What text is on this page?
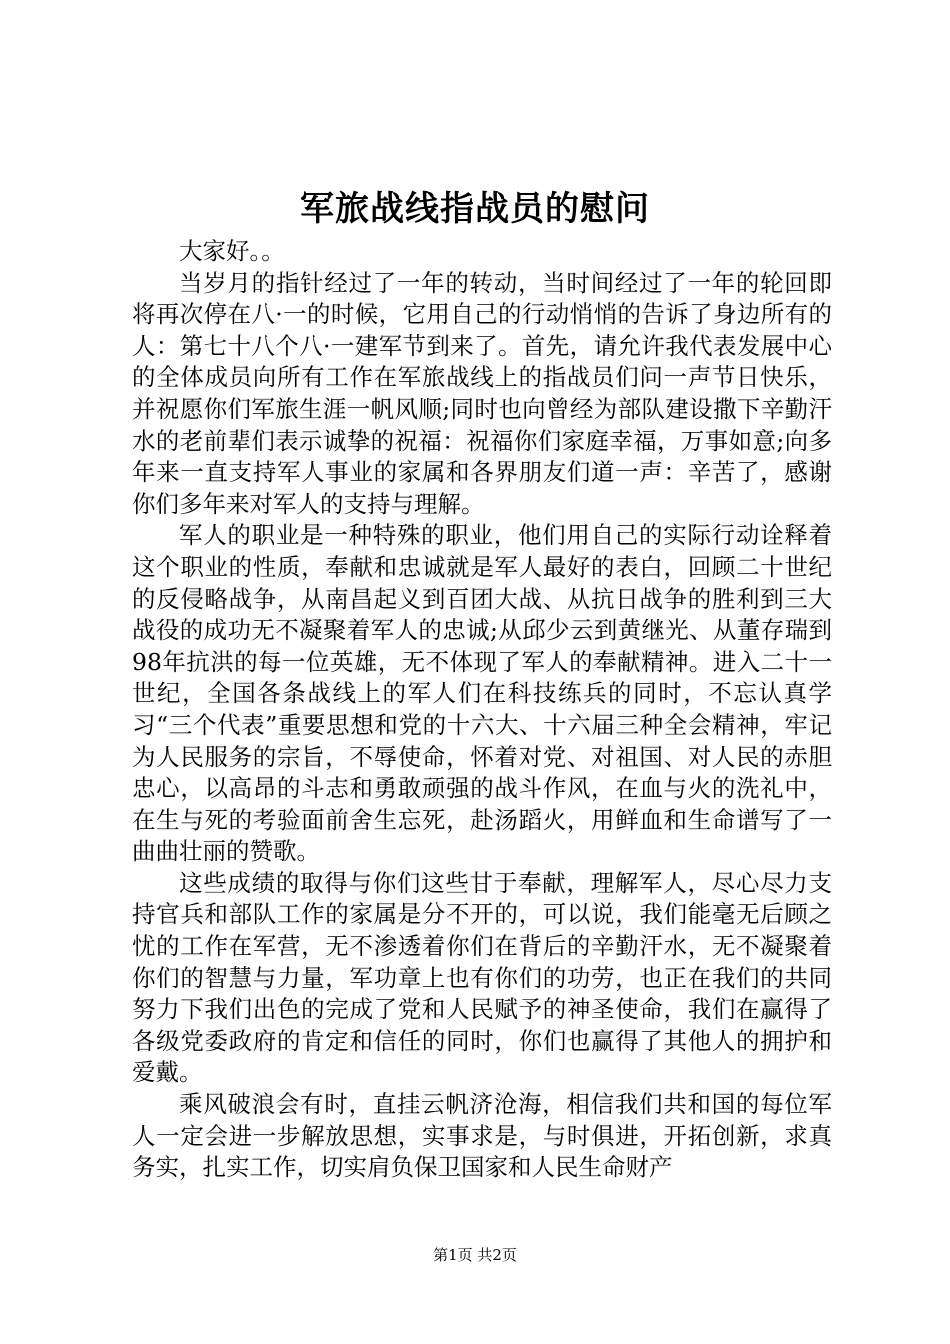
军旅战线指战员的慰问

大家好。。

当岁月的指针经过了一年的转动，当时间经过了一年的轮回即将再次停在八·一的时候，它用自己的行动悄悄的告诉了身边所有的人：第七十八个八·一建军节到来了。首先，请允许我代表发展中心的全体成员向所有工作在军旅战线上的指战员们问一声节日快乐，并祝愿你们军旅生涯一帆风顺;同时也向曾经为部队建设撒下辛勤汗水的老前辈们表示诚挚的祝福：祝福你们家庭幸福，万事如意;向多年来一直支持军人事业的家属和各界朋友们道一声：辛苦了，感谢你们多年来对军人的支持与理解。

军人的职业是一种特殊的职业，他们用自己的实际行动诠释着这个职业的性质，奉献和忠诚就是军人最好的表白，回顾二十世纪的反侵略战争，从南昌起义到百团大战、从抗日战争的胜利到三大战役的成功无不凝聚着军人的忠诚;从邱少云到黄继光、从董存瑞到98年抗洪的每一位英雄，无不体现了军人的奉献精神。进入二十一世纪，全国各条战线上的军人们在科技练兵的同时，不忘认真学习“三个代表”重要思想和党的十六大、十六届三种全会精神，牢记为人民服务的宗旨，不辱使命，怀着对党、对祖国、对人民的赤胆忠心，以高昂的斗志和勇敢顽强的战斗作风，在血与火的洗礼中，在生与死的考验面前舍生忘死，赴汤蹈火，用鲜血和生命谱写了一曲曲壮丽的赞歌。

这些成绩的取得与你们这些甘于奉献，理解军人，尽心尽力支持官兵和部队工作的家属是分不开的，可以说，我们能毫无后顾之忧的工作在军营，无不渗透着你们在背后的辛勤汗水，无不凝聚着你们的智慧与力量，军功章上也有你们的功劳，也正在我们的共同努力下我们出色的完成了党和人民赋予的神圣使命，我们在赢得了各级党委政府的肯定和信任的同时，你们也赢得了其他人的拥护和爱戴。

乘风破浪会有时，直挂云帆济沧海，相信我们共和国的每位军人一定会进一步解放思想，实事求是，与时俱进，开拓创新，求真务实，扎实工作，切实肩负保卫国家和人民生命财产

第1页 共2页
